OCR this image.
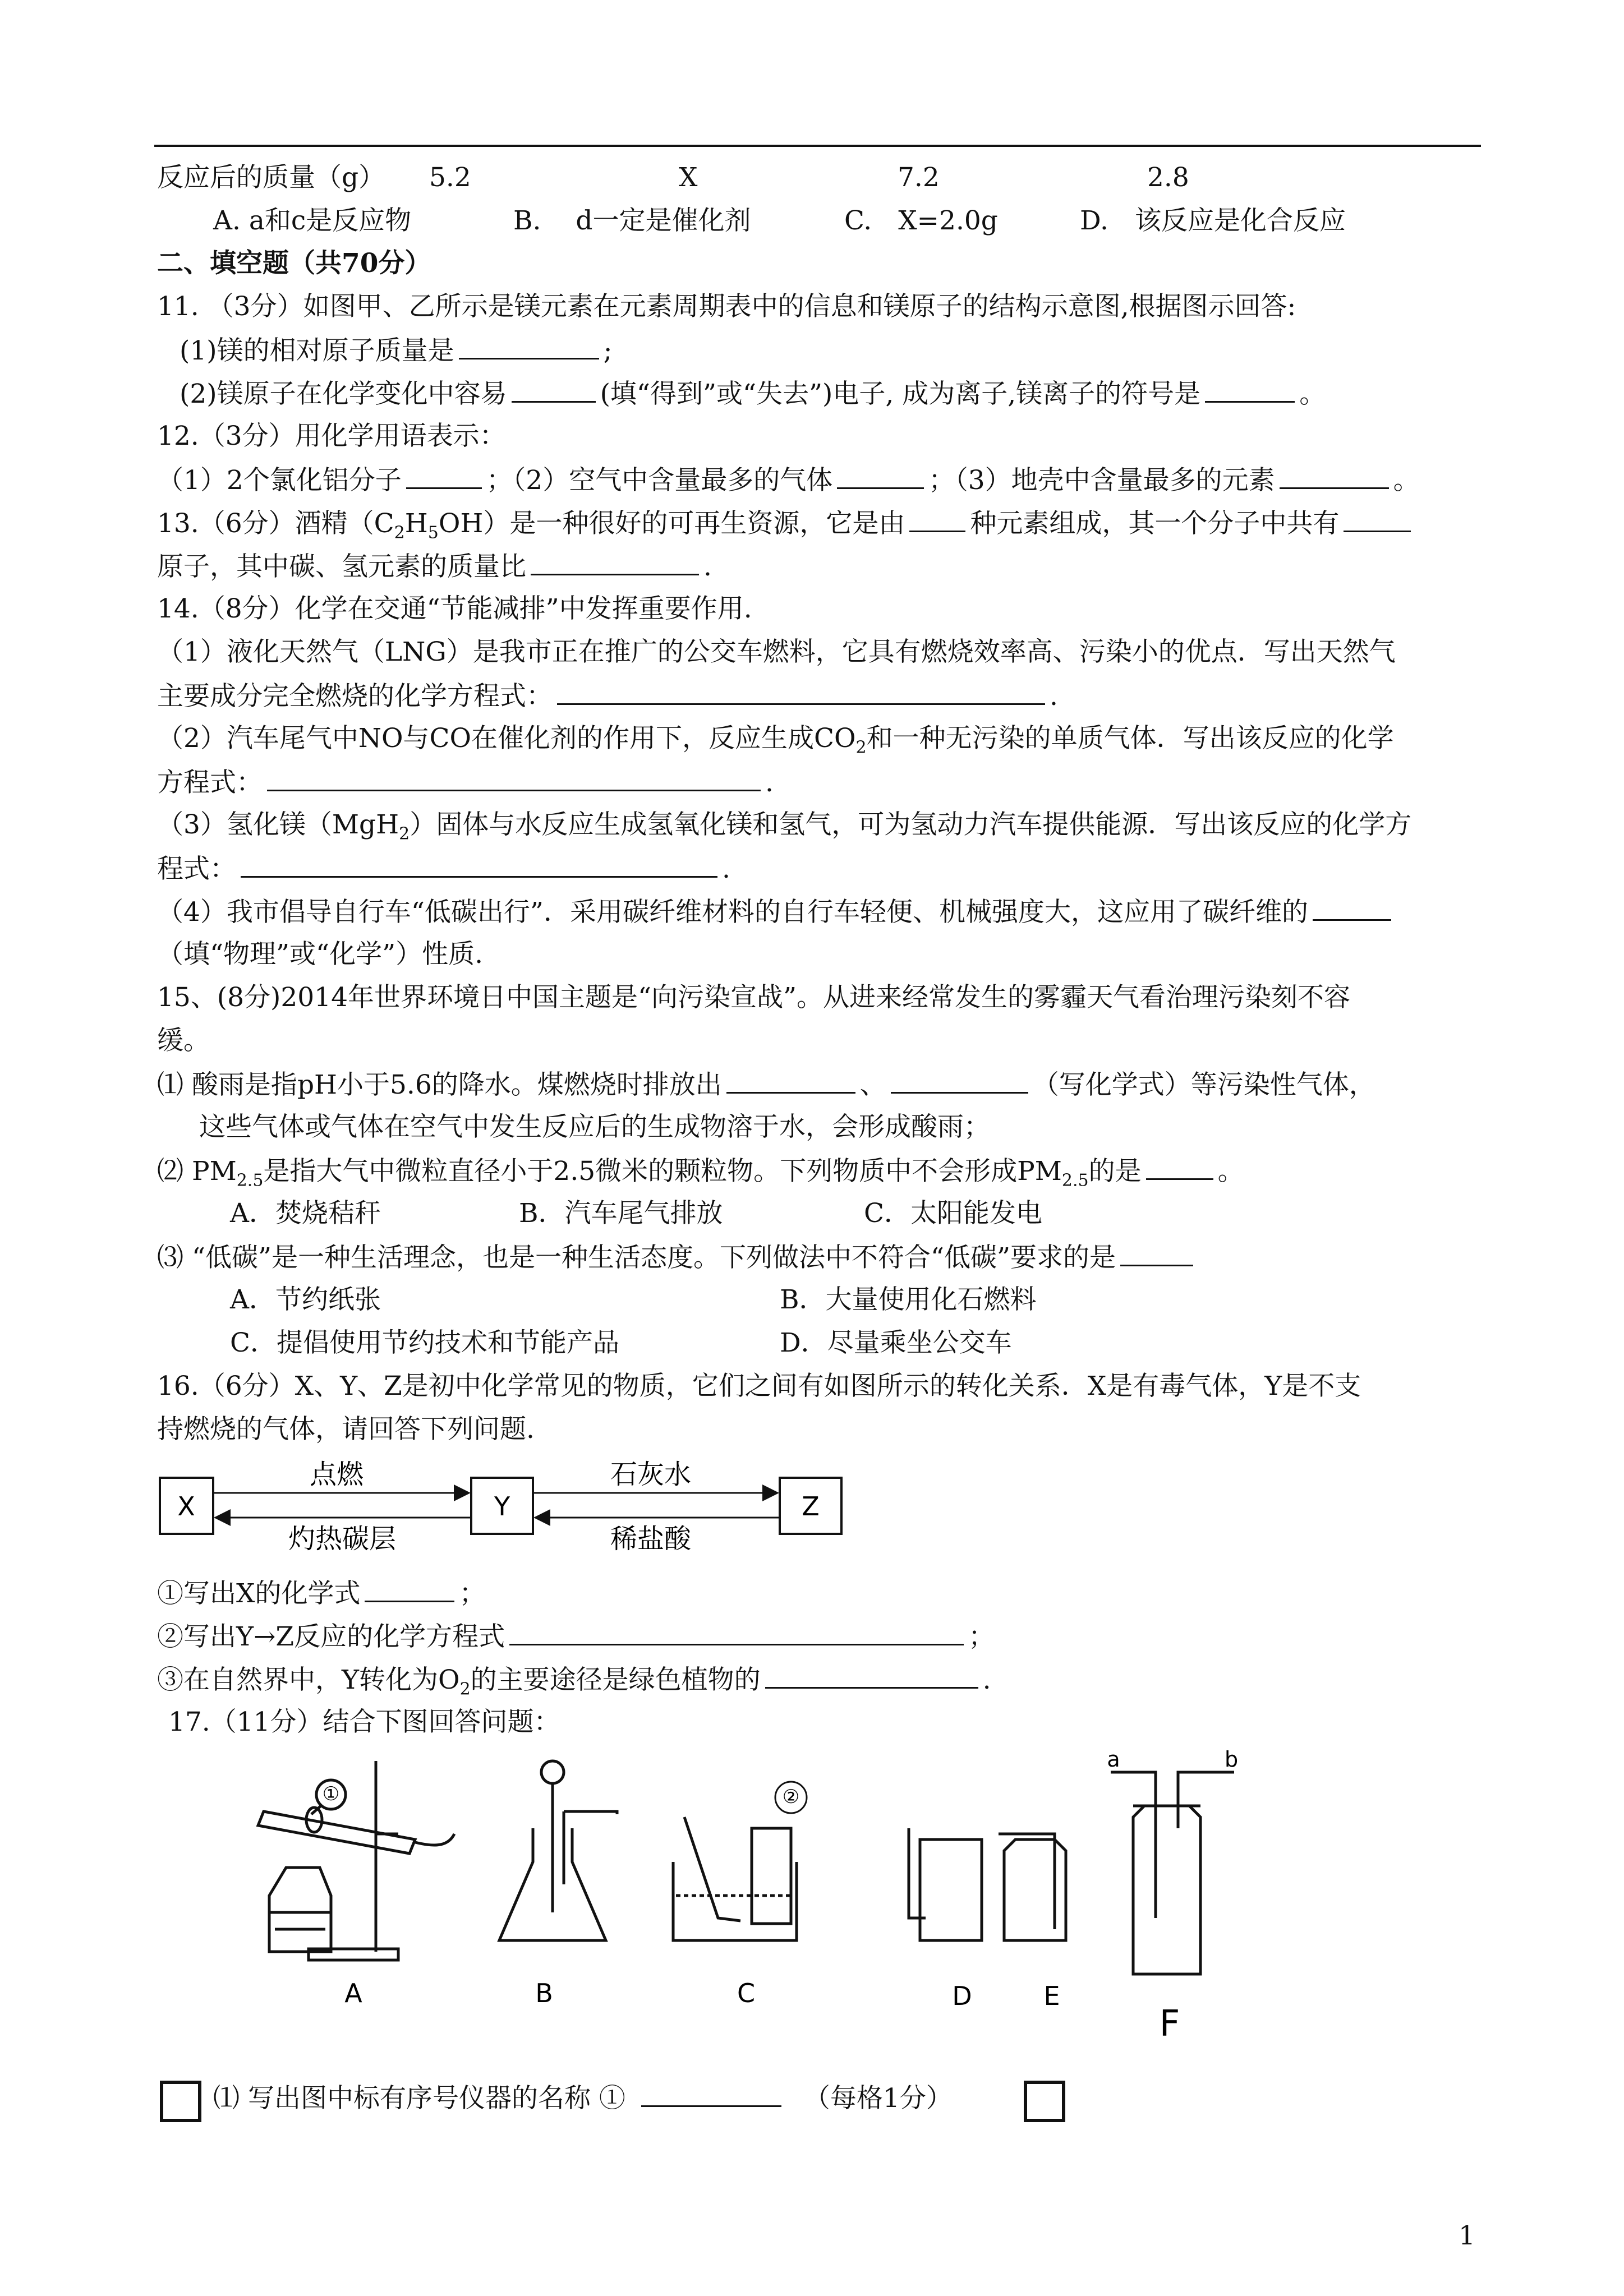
反应后的质量（g） 5.2	X	7.2	2.8
A. a和c是反应物	B.　 d一定是催化剂	C.　X=2.0g	D.　该反应是化合反应
二、填空题（共70分）
11. （3分）如图甲、乙所示是镁元素在元素周期表中的信息和镁原子的结构示意图,根据图示回答:
(1)镁的相对原子质量是	;
(2)镁原子在化学变化中容易	(填“得到”或“失去”)电子, 成为离子,镁离子的符号是	。
12.（3分）用化学用语表示：
（1）2个氯化铝分子	；（2）空气中含量最多的气体	；（3）地壳中含量最多的元素	。
13.（6分）酒精$(C_2H_5OH)$是一种很好的可再生资源，它是由 种元素组成，其一个分子中共有
原子，其中碳、氢元素的质量比	.
14.（8分）化学在交通“节能减排”中发挥重要作用.
（1）液化天然气（LNG）是我市正在推广的公交车燃料，它具有燃烧效率高、污染小的优点．写出天然气
主要成分完全燃烧的化学方程式：	.
（2）汽车尾气中NO与CO在催化剂的作用下，反应生成$CO_2$和一种无污染的单质气体．写出该反应的化学
方程式：	.
（3）氢化镁（MgH$_2$）固体与水反应生成氢氧化镁和氢气，可为氢动力汽车提供能源．写出该反应的化学方
程式：	.
（4）我市倡导自行车“低碳出行”．采用碳纤维材料的自行车轻便、机械强度大，这应用了碳纤维的
（填“物理”或“化学”）性质.
15、(8分)2014年世界环境日中国主题是“向污染宣战”。从进来经常发生的雾霾天气看治理污染刻不容
缓。
⑴ 酸雨是指pH小于5.6的降水。煤燃烧时排放出	、	（写化学式）等污染性气体，
这些气体或气体在空气中发生反应后的生成物溶于水，会形成酸雨；
⑵ $PM_{2.5}$是指大气中微粒直径小于2.5微米的颗粒物。下列物质中不会形成$PM_{2.5}$的是	。
A．焚烧秸秆	B．汽车尾气排放	C．太阳能发电
⑶ “低碳”是一种生活理念，也是一种生活态度。下列做法中不符合“低碳”要求的是
A．节约纸张	B．大量使用化石燃料
C．提倡使用节约技术和节能产品	D．尽量乘坐公交车
16.（6分）X、Y、Z是初中化学常见的物质，它们之间有如图所示的转化关系．X是有毒气体，Y是不支
持燃烧的气体，请回答下列问题.
X	Y	Z
点燃
灼热碳层
石灰水
稀盐酸
①写出X的化学式	；
②写出Y→Z反应的化学方程式	；
③在自然界中，Y转化为$O_2$的主要途径是绿色植物的	.
17.（11分）结合下图回答问题：
①	②
a	b
A	B	C	D	E
F
⑴ 写出图中标有序号仪器的名称 ①	（每格1分）
1
